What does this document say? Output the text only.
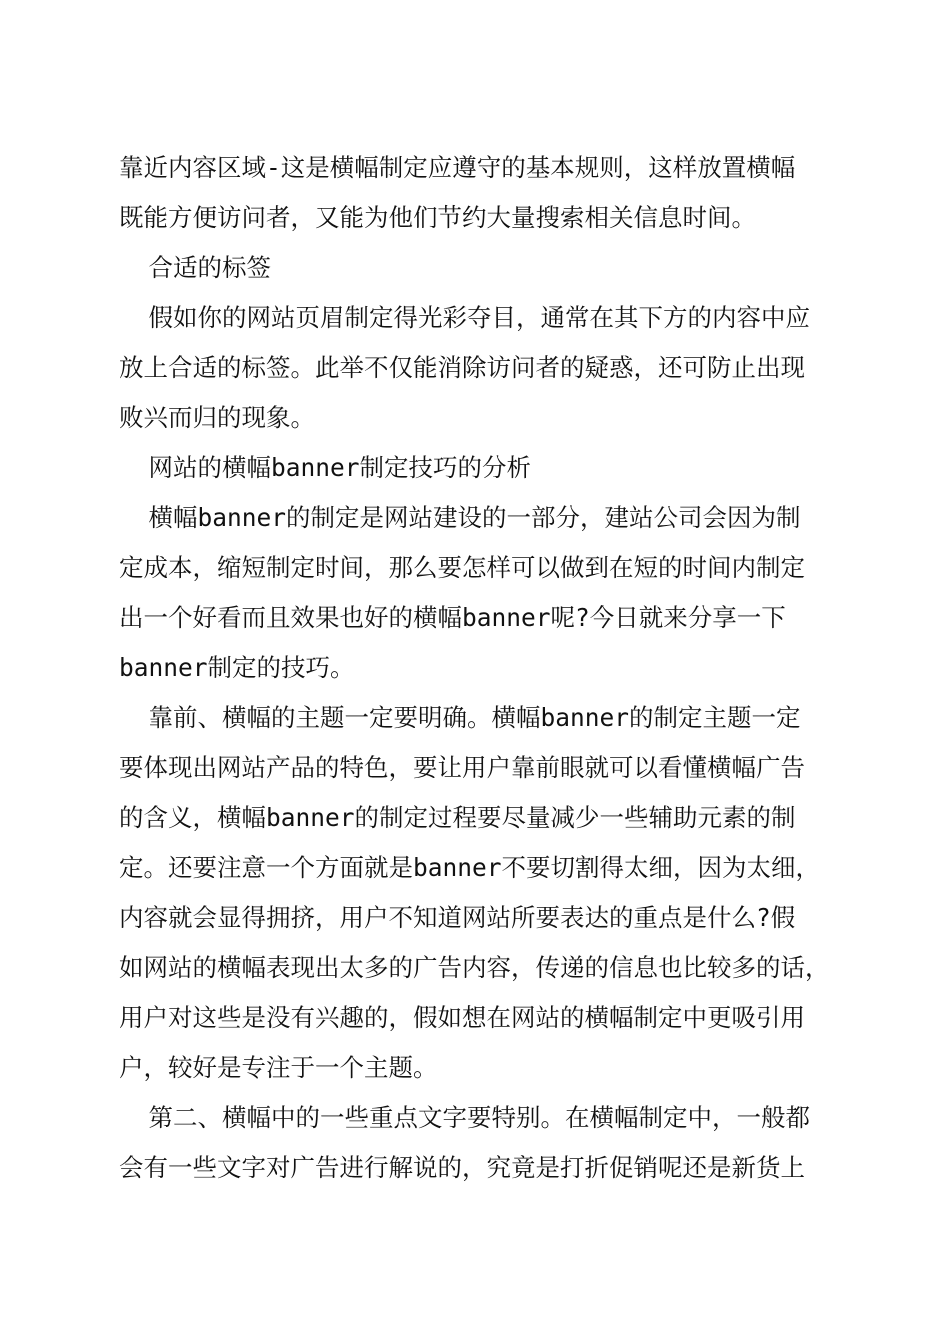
靠近内容区域-这是横幅制定应遵守的基本规则，这样放置横幅
既能方便访问者，又能为他们节约大量搜索相关信息时间。
合适的标签
假如你的网站页眉制定得光彩夺目，通常在其下方的内容中应
放上合适的标签。此举不仅能消除访问者的疑惑，还可防止出现
败兴而归的现象。
网站的横幅banner制定技巧的分析
横幅banner的制定是网站建设的一部分，建站公司会因为制
定成本，缩短制定时间，那么要怎样可以做到在短的时间内制定
出一个好看而且效果也好的横幅banner呢?今日就来分享一下
banner制定的技巧。
靠前、横幅的主题一定要明确。横幅banner的制定主题一定
要体现出网站产品的特色，要让用户靠前眼就可以看懂横幅广告
的含义，横幅banner的制定过程要尽量减少一些辅助元素的制
定。还要注意一个方面就是banner不要切割得太细，因为太细，
内容就会显得拥挤，用户不知道网站所要表达的重点是什么?假
如网站的横幅表现出太多的广告内容，传递的信息也比较多的话，
用户对这些是没有兴趣的，假如想在网站的横幅制定中更吸引用
户，较好是专注于一个主题。
第二、横幅中的一些重点文字要特别。在横幅制定中，一般都
会有一些文字对广告进行解说的，究竟是打折促销呢还是新货上
